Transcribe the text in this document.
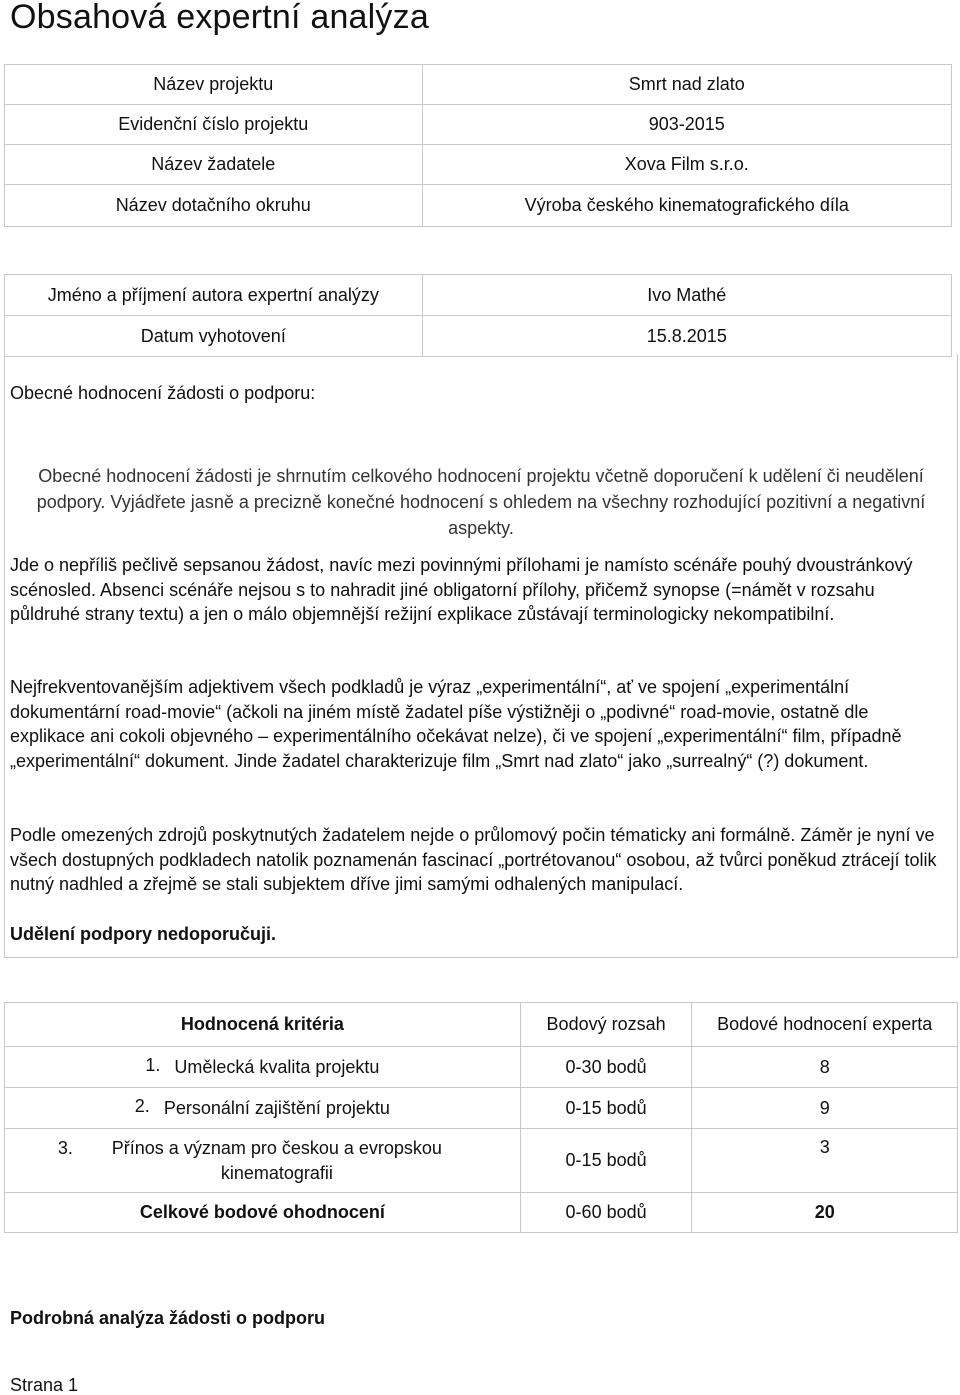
Obsahová expertní analýza
Název projektu	Smrt nad zlato
Evidenční číslo projektu	903-2015
Název žadatele	Xova Film s.r.o.
Název dotačního okruhu	Výroba českého kinematografického díla
Jméno a příjmení autora expertní analýzy	Ivo Mathé
Datum vyhotovení	15.8.2015
Obecné hodnocení žádosti o podporu:
Obecné hodnocení žádosti je shrnutím celkového hodnocení projektu včetně doporučení k udělení či neudělení podpory. Vyjádřete jasně a precizně konečné hodnocení s ohledem na všechny rozhodující pozitivní a negativní aspekty.
Jde o nepříliš pečlivě sepsanou žádost, navíc mezi povinnými přílohami je namísto scénáře pouhý dvoustránkový scénosled. Absenci scénáře nejsou s to nahradit jiné obligatorní přílohy, přičemž synopse (=námět v rozsahu půldruhé strany textu) a jen o málo objemnější režijní explikace zůstávají terminologicky nekompatibilní.
Nejfrekventovanějším adjektivem všech podkladů je výraz „experimentální“, ať ve spojení „experimentální dokumentární road-movie“ (ačkoli na jiném místě žadatel píše výstižněji o „podivné“ road-movie, ostatně dle explikace ani cokoli objevného – experimentálního očekávat nelze), či ve spojení „experimentální“ film, případně „experimentální“ dokument. Jinde žadatel charakterizuje film „Smrt nad zlato“ jako „surrealný“ (?) dokument.
Podle omezených zdrojů poskytnutých žadatelem nejde o průlomový počin tématicky ani formálně. Záměr je nyní ve všech dostupných podkladech natolik poznamenán fascinací „portrétovanou“ osobou, až tvůrci poněkud ztrácejí tolik nutný nadhled a zřejmě se stali subjektem dříve jimi samými odhalených manipulací.
Udělení podpory nedoporučuji.
Hodnocená kritéria	Bodový rozsah	Bodové hodnocení experta

1. Umělecká kvalita projektu	0-30 bodů	8

2. Personální zajištění projektu	0-15 bodů	9

3. Přínos a význam pro českou a evropskou kinematografii	0-15 bodů	3
Celkové bodové ohodnocení	0-60 bodů	20
Podrobná analýza žádosti o podporu
Strana 1
